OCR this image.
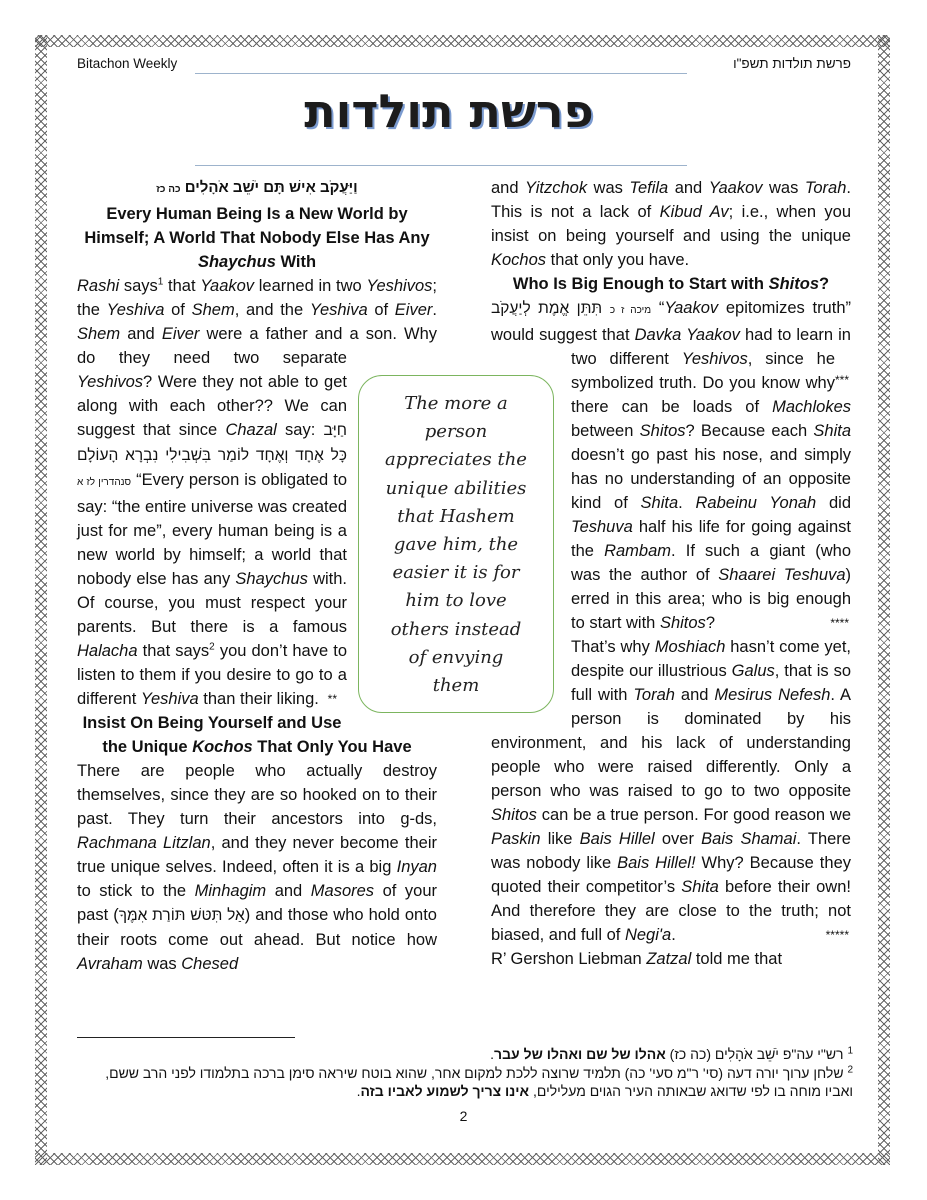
Bitachon Weekly	פרשת תולדות תשפ"ו
פרשת תולדות

וַיַּעֲקֹב אִישׁ תָּם יֹשֵׁב אֹהָלִים כה כז

Every Human Being Is a New World by Himself; A World That Nobody Else Has Any Shaychus With

Rashi says$^1$ that Yaakov learned in two Yeshivos; the Yeshiva of Shem, and the Yeshiva of Eiver. Shem and Eiver were a father and a son. Why do they need two separate Yeshivos? Were they not able to get along with each other?? We can suggest that since Chazal say: חַיָּב כָּל אֶחָד וְאֶחָד לוֹמַר בִּשְׁבִילִי נִבְרָא הָעוֹלָם סנהדרין לז א “Every person is obligated to say: “the entire universe was created just for me”, every human being is a new world by himself; a world that nobody else has any Shaychus with. Of course, you must respect your parents. But there is a famous Halacha that says$^2$ you don’t have to listen to them if you desire to go to a different Yeshiva than their liking. **

Insist On Being Yourself and Use the Unique Kochos That Only You Have

There are people who actually destroy themselves, since they are so hooked on to their past. They turn their ancestors into g-ds, Rachmana Litzlan, and they never become their true unique selves. Indeed, often it is a big Inyan to stick to the Minhagim and Masores of your past (אַל תִּטּשׁ תּוֹרַת אִמֶּךָ) and those who hold onto their roots come out ahead. But notice how Avraham was Chesed

and Yitzchok was Tefila and Yaakov was Torah. This is not a lack of Kibud Av; i.e., when you insist on being yourself and using the unique Kochos that only you have.
***

Who Is Big Enough to Start with Shitos?

תִּתֵּן אֱמֶת לְיַעֲקֹב מיכה ז כ “Yaakov epitomizes truth” would suggest that Davka Yaakov had to learn in two different Yeshivos, since he symbolized truth. Do you know why there can be loads of Machlokes between Shitos? Because each Shita doesn’t go past his nose, and simply has no understanding of an opposite kind of Shita. Rabeinu Yonah did Teshuva half his life for going against the Rambam. If such a giant (who was the author of Shaarei Teshuva) erred in this area; who is big enough to start with Shitos?	****

That’s why Moshiach hasn’t come yet, despite our illustrious Galus, that is so full with Torah and Mesirus Nefesh. A person is dominated by his environment, and his lack of understanding people who were raised differently. Only a person who was raised to go to two opposite Shitos can be a true person. For good reason we Paskin like Bais Hillel over Bais Shamai. There was nobody like Bais Hillel! Why? Because they quoted their competitor’s Shita before their own! And therefore they are close to the truth; not biased, and full of Negi'a.	*****

R’ Gershon Liebman Zatzal told me that

The more a
person
appreciates the
unique abilities
that Hashem
gave him, the
easier it is for
him to love
others instead
of envying
them
$^1$ רש"י עה"פ יֹשֵׁב אֹהָלִים (כה כז) אהלו של שם ואהלו של עבר.
$^2$ שלחן ערוך יורה דעה (סי' ר"מ סעי' כה) תלמיד שרוצה ללכת למקום אחר, שהוא בוטח שיראה סימן ברכה בתלמודו לפני הרב ששם, ואביו מוחה בו לפי שדואג שבאותה העיר הגוים מעלילים, אינו צריך לשמוע לאביו בזה.
2
